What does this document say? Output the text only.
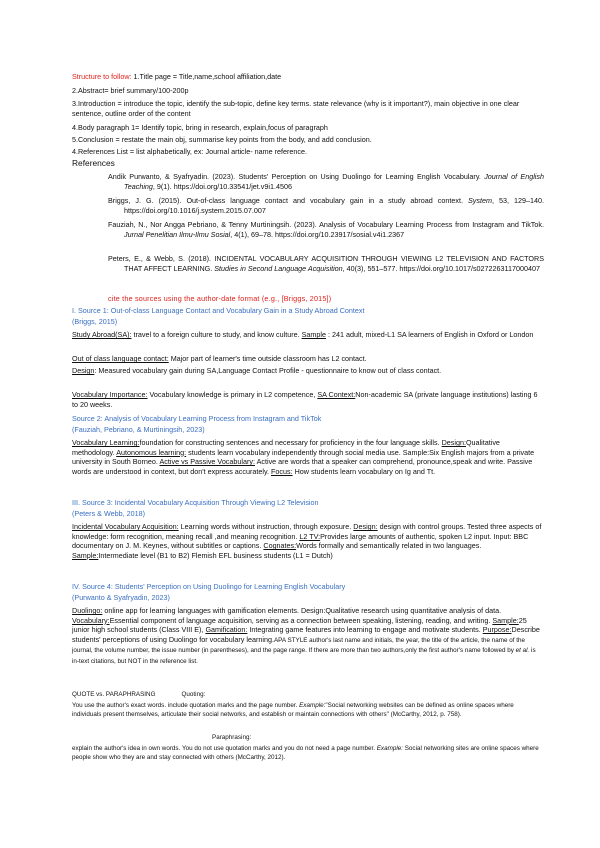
Structure to follow: 1.Title page = Title,name,school affiliation,date
2.Abstract= brief summary/100-200p
3.Introduction = introduce the topic, identify the sub-topic, define key terms. state relevance (why is it important?), main objective in one clear sentence, outline order of the content
4.Body paragraph 1= Identify topic, bring in research, explain,focus of paragraph
5.Conclusion = restate the main obj, summarise key points from the body, and add conclusion.
4.References List = list alphabetically, ex: Journal article- name reference.
References
Andik Purwanto, & Syafryadin. (2023). Students' Perception on Using Duolingo for Learning English Vocabulary. Journal of English Teaching, 9(1). https://doi.org/10.33541/jet.v9i1.4506
Briggs, J. G. (2015). Out-of-class language contact and vocabulary gain in a study abroad context. System, 53, 129–140. https://doi.org/10.1016/j.system.2015.07.007
Fauziah, N., Nor Angga Pebriano, & Tenny Murtiningsih. (2023). Analysis of Vocabulary Learning Process from Instagram and TikTok. Jurnal Penelitian Ilmu-Ilmu Sosial, 4(1), 69–78. https://doi.org/10.23917/sosial.v4i1.2367
Peters, E., & Webb, S. (2018). INCIDENTAL VOCABULARY ACQUISITION THROUGH VIEWING L2 TELEVISION AND FACTORS THAT AFFECT LEARNING. Studies in Second Language Acquisition, 40(3), 551–577. https://doi.org/10.1017/s0272263117000407
cite the sources using the author-date format (e.g., [Briggs, 2015])
I. Source 1: Out-of-class Language Contact and Vocabulary Gain in a Study Abroad Context
(Briggs, 2015)
Study Abroad(SA): travel to a foreign culture to study, and know culture. Sample : 241 adult, mixed-L1 SA learners of English in Oxford or London
Out of class language contact: Major part of learner's time outside classroom has L2 contact.
Design: Measured vocabulary gain during SA,Language Contact Profile - questionnaire to know out of class contact.
Vocabulary Importance: Vocabulary knowledge is primary in L2 competence, SA Context:Non-academic SA (private language institutions) lasting 6 to 20 weeks.
Source 2: Analysis of Vocabulary Learning Process from Instagram and TikTok
(Fauziah, Pebriano, & Murtiningsih, 2023)
Vocabulary Learning:foundation for constructing sentences and necessary for proficiency in the four language skills. Design:Qualitative methodology. Autonomous learning: students learn vocabulary independently through social media use. Sample:Six English majors from a private university in South Borneo. Active vs Passive Vocabulary: Active are words that a speaker can comprehend, pronounce,speak and write. Passive words are understood in context, but don't express accurately. Focus: How students learn vocabulary on Ig and Tt.
III. Source 3: Incidental Vocabulary Acquisition Through Viewing L2 Television
(Peters & Webb, 2018)
Incidental Vocabulary Acquisition: Learning words without instruction, through exposure. Design: design with control groups. Tested three aspects of knowledge: form recognition, meaning recall ,and meaning recognition. L2 TV:Provides large amounts of authentic, spoken L2 input. Input: BBC documentary on J. M. Keynes, without subtitles or captions. Cognates:Words formally and semantically related in two languages. Sample:Intermediate level (B1 to B2) Flemish EFL business students (L1 = Dutch)
IV. Source 4: Students' Perception on Using Duolingo for Learning English Vocabulary
(Purwanto & Syafryadin, 2023)
Duolingo: online app for learning languages with gamification elements. Design:Qualitative research using quantitative analysis of data. Vocabulary:Essential component of language acquisition, serving as a connection between speaking, listening, reading, and writing. Sample:25 junior high school students (Class VIII E), Gamification: Integrating game features into learning to engage and motivate students. Purpose:Describe students' perceptions of using Duolingo for vocabulary learning.APA STYLE author's last name and initials, the year, the title of the article, the name of the journal, the volume number, the issue number (in parentheses), and the page range. If there are more than two authors,only the first author's name followed by et al. is in-text citations, but NOT in the reference list.
QUOTE vs. PARAPHRASING	Quoting:
You use the author's exact words. include quotation marks and the page number. Example:"Social networking websites can be defined as online spaces where individuals present themselves, articulate their social networks, and establish or maintain connections with others" (McCarthy, 2012, p. 758).
Paraphrasing:
explain the author's idea in own words. You do not use quotation marks and you do not need a page number. Example: Social networking sites are online spaces where people show who they are and stay connected with others (McCarthy, 2012).
